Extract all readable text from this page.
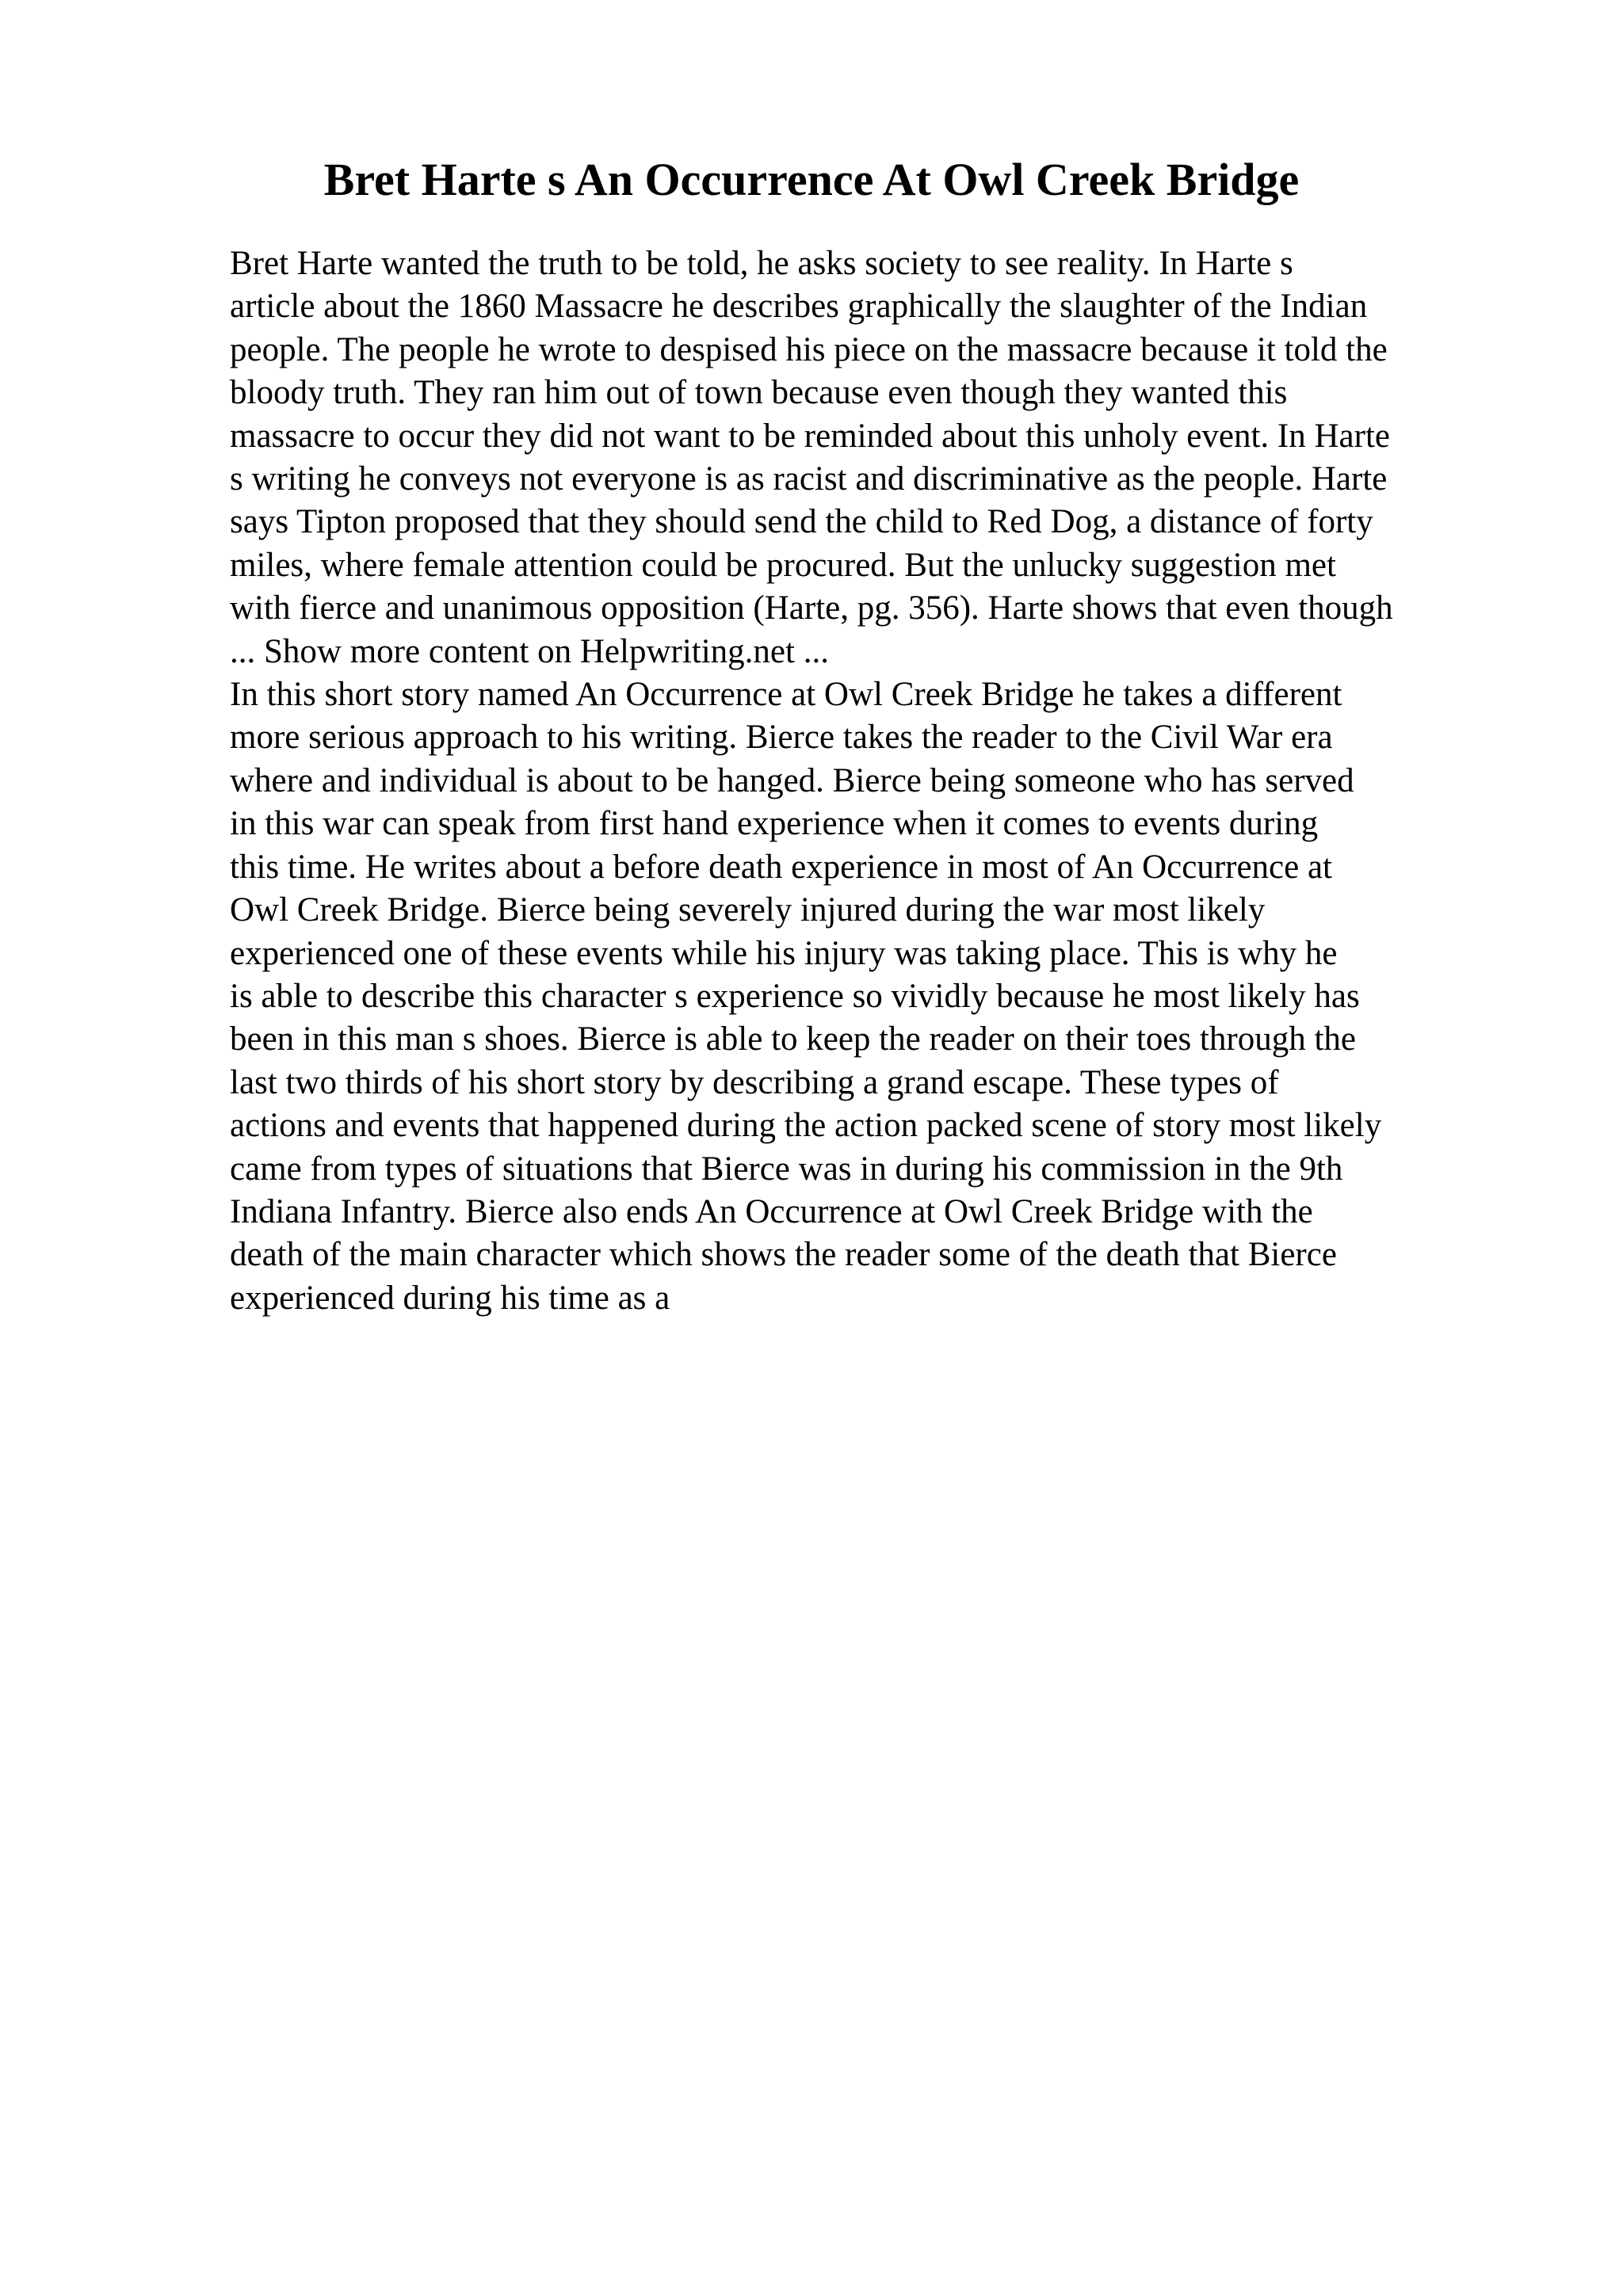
Bret Harte s An Occurrence At Owl Creek Bridge
Bret Harte wanted the truth to be told, he asks society to see reality. In Harte s
article about the 1860 Massacre he describes graphically the slaughter of the Indian
people. The people he wrote to despised his piece on the massacre because it told the
bloody truth. They ran him out of town because even though they wanted this
massacre to occur they did not want to be reminded about this unholy event. In Harte
s writing he conveys not everyone is as racist and discriminative as the people. Harte
says Tipton proposed that they should send the child to Red Dog, a distance of forty
miles, where female attention could be procured. But the unlucky suggestion met
with fierce and unanimous opposition (Harte, pg. 356). Harte shows that even though
... Show more content on Helpwriting.net ...
In this short story named An Occurrence at Owl Creek Bridge he takes a different
more serious approach to his writing. Bierce takes the reader to the Civil War era
where and individual is about to be hanged. Bierce being someone who has served
in this war can speak from first hand experience when it comes to events during
this time. He writes about a before death experience in most of An Occurrence at
Owl Creek Bridge. Bierce being severely injured during the war most likely
experienced one of these events while his injury was taking place. This is why he
is able to describe this character s experience so vividly because he most likely has
been in this man s shoes. Bierce is able to keep the reader on their toes through the
last two thirds of his short story by describing a grand escape. These types of
actions and events that happened during the action packed scene of story most likely
came from types of situations that Bierce was in during his commission in the 9th
Indiana Infantry. Bierce also ends An Occurrence at Owl Creek Bridge with the
death of the main character which shows the reader some of the death that Bierce
experienced during his time as a
